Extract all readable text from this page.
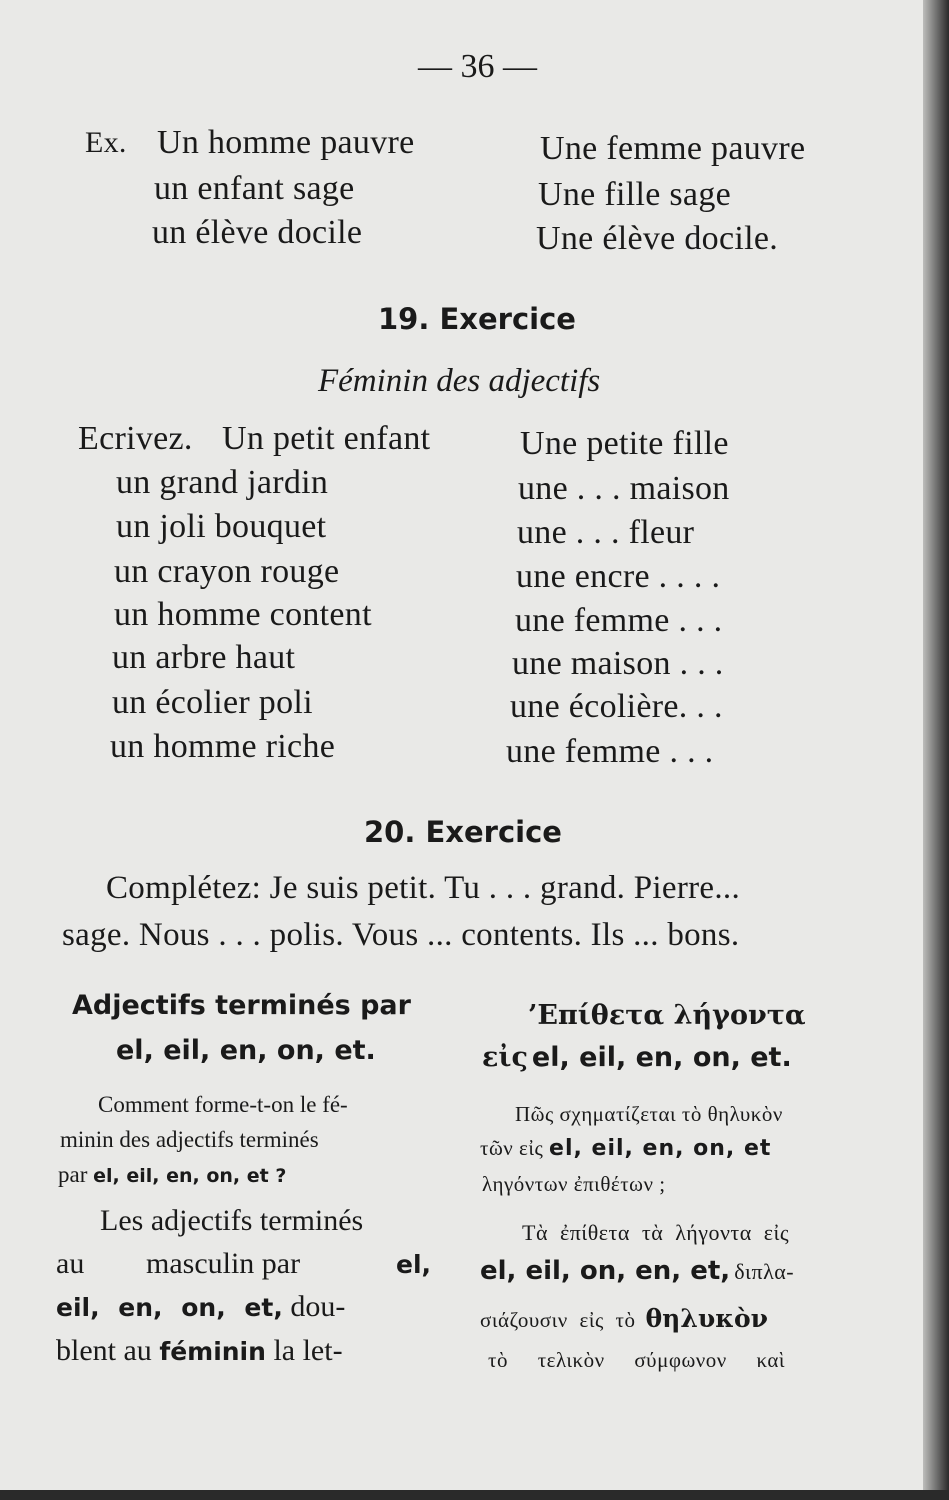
— 36 —
Ex. Un homme pauvre
un enfant sage
un élève docile
Une femme pauvre
Une fille sage
Une élève docile.
19. Exercice
Féminin des adjectifs
Ecrivez. Un petit enfant
un grand jardin
un joli bouquet
un crayon rouge
un homme content
un arbre haut
un écolier poli
un homme riche
Une petite fille
une . . . maison
une . . . fleur
une encre . . . .
une femme . . .
une maison . . .
une écolière. . .
une femme . . .
20. Exercice
Complétez: Je suis petit. Tu . . . grand. Pierre...
sage. Nous . . . polis. Vous ... contents. Ils ... bons.
Adjectifs terminés par
el, eil, en, on, et.
’Επίθετα λήγοντα
εἰς el, eil, en, on, et.
Comment forme-t-on le fé-
minin des adjectifs terminés
par el, eil, en, on, et ?
Πῶς σχηματίζεται τὸ θηλυκὸν
τῶν εἰς el, eil, en, on, et
ληγόντων ἐπιθέτων ;
Les adjectifs terminés
au masculin par	el,
eil, en, on, et, dou-
blent au féminin la let-
Τὰ ἐπίθετα τὰ λήγοντα εἰς
el, eil, on, en, et, διπλα-
σιάζουσιν εἰς τὸ θηλυκὸν
τὸ τελικὸν σύμφωνον καὶ
